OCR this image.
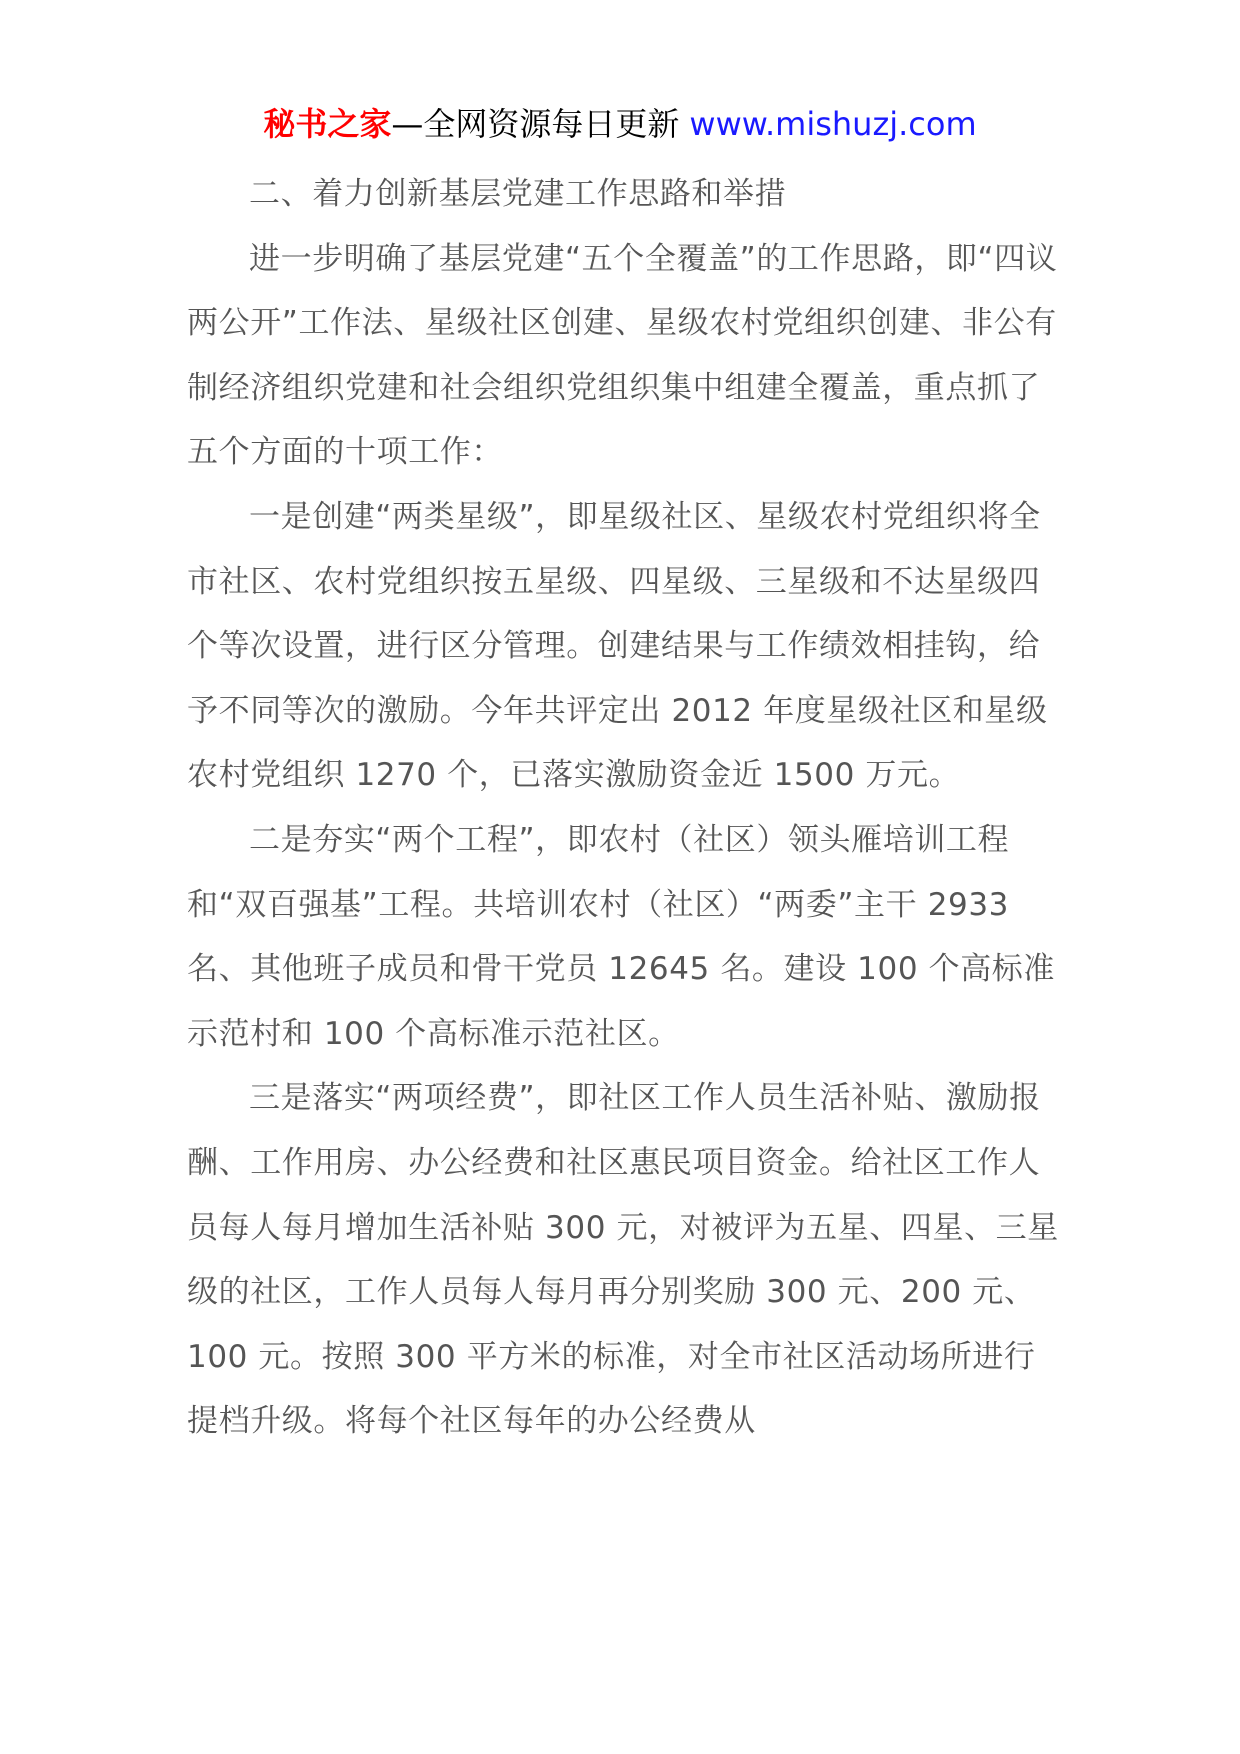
秘书之家—全网资源每日更新 www.mishuzj.com

二、着力创新基层党建工作思路和举措

进一步明确了基层党建“五个全覆盖”的工作思路，即“四议两公开”工作法、星级社区创建、星级农村党组织创建、非公有制经济组织党建和社会组织党组织集中组建全覆盖，重点抓了五个方面的十项工作：

一是创建“两类星级”，即星级社区、星级农村党组织将全市社区、农村党组织按五星级、四星级、三星级和不达星级四个等次设置，进行区分管理。创建结果与工作绩效相挂钩，给予不同等次的激励。今年共评定出 2012 年度星级社区和星级农村党组织 1270 个，已落实激励资金近 1500 万元。

二是夯实“两个工程”，即农村（社区）领头雁培训工程和“双百强基”工程。共培训农村（社区）“两委”主干 2933 名、其他班子成员和骨干党员 12645 名。建设 100 个高标准示范村和 100 个高标准示范社区。

三是落实“两项经费”，即社区工作人员生活补贴、激励报酬、工作用房、办公经费和社区惠民项目资金。给社区工作人员每人每月增加生活补贴 300 元，对被评为五星、四星、三星级的社区，工作人员每人每月再分别奖励 300 元、200 元、100 元。按照 300 平方米的标准，对全市社区活动场所进行提档升级。将每个社区每年的办公经费从
